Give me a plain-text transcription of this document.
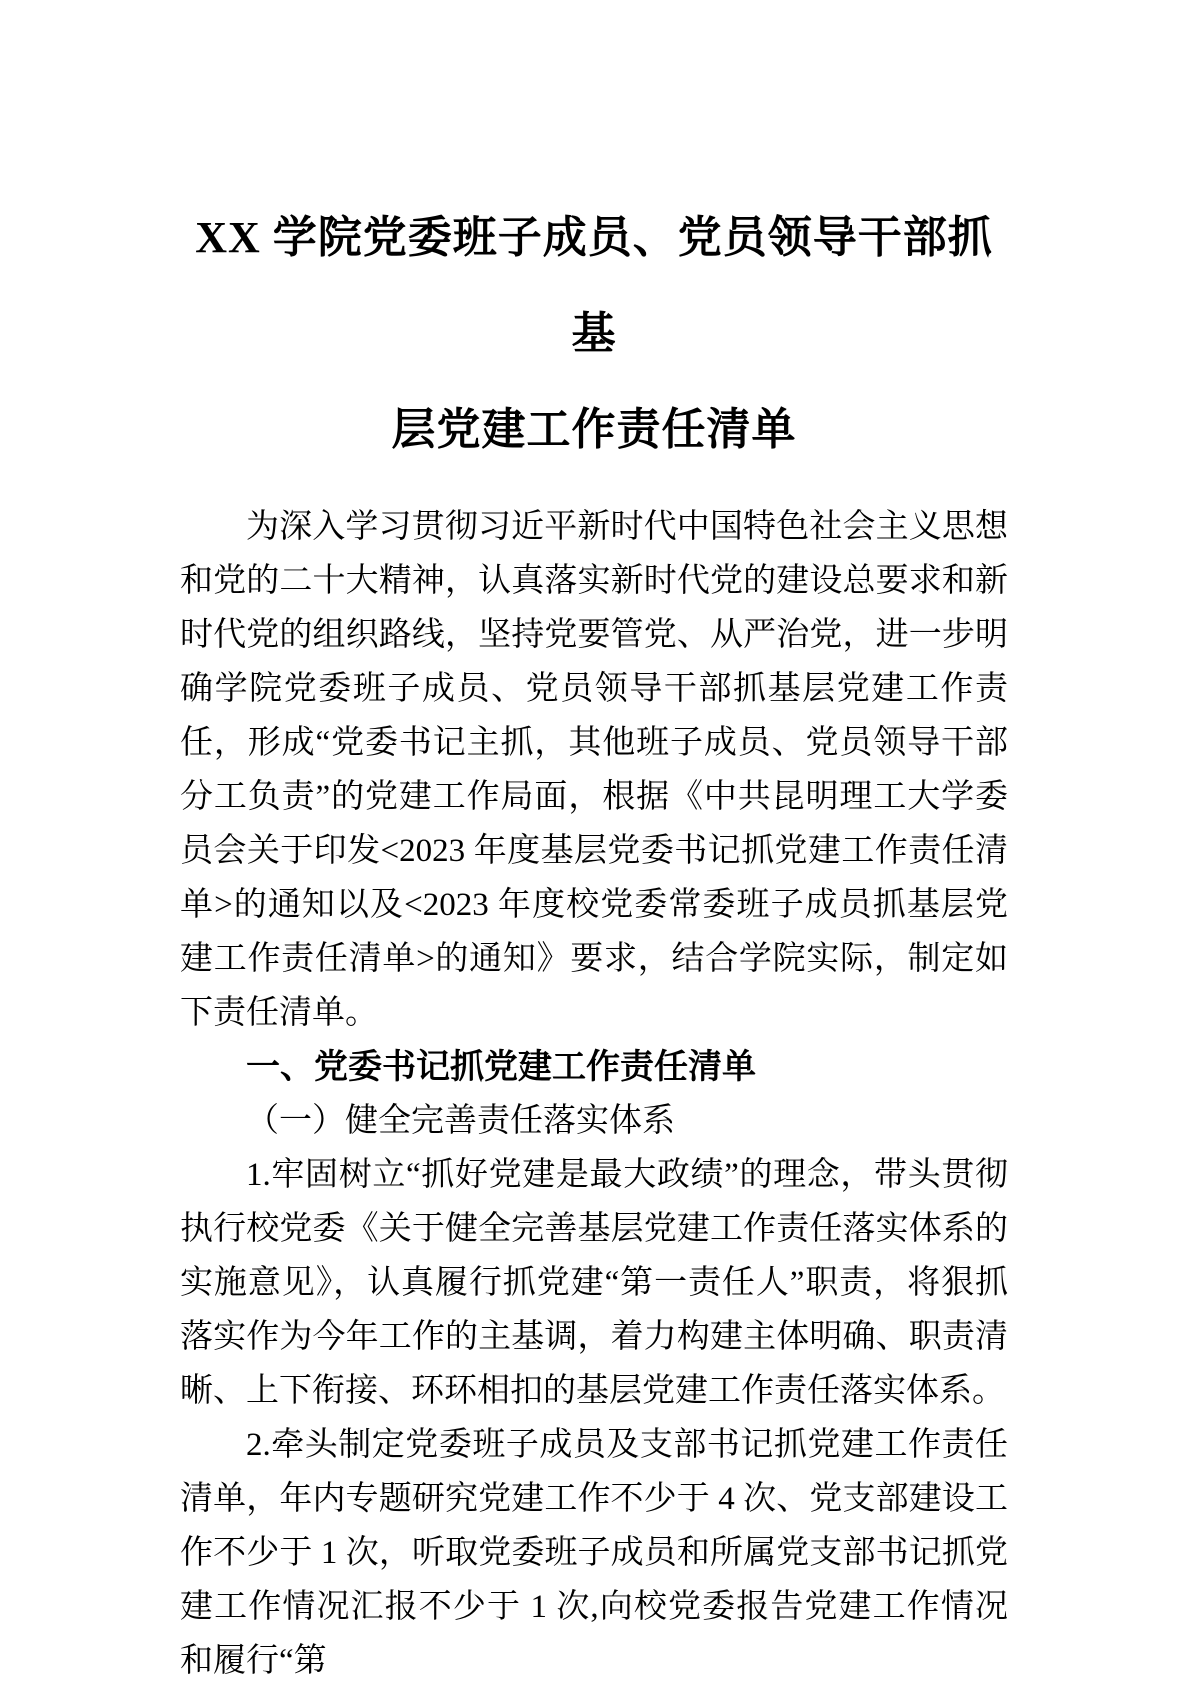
XX 学院党委班子成员、党员领导干部抓基
层党建工作责任清单

为深入学习贯彻习近平新时代中国特色社会主义思想和党的二十大精神，认真落实新时代党的建设总要求和新时代党的组织路线，坚持党要管党、从严治党，进一步明确学院党委班子成员、党员领导干部抓基层党建工作责任，形成“党委书记主抓，其他班子成员、党员领导干部分工负责”的党建工作局面，根据《中共昆明理工大学委员会关于印发<2023 年度基层党委书记抓党建工作责任清单>的通知以及<2023 年度校党委常委班子成员抓基层党建工作责任清单>的通知》要求，结合学院实际，制定如下责任清单。

一、党委书记抓党建工作责任清单

（一）健全完善责任落实体系

1.牢固树立“抓好党建是最大政绩”的理念，带头贯彻执行校党委《关于健全完善基层党建工作责任落实体系的实施意见》，认真履行抓党建“第一责任人”职责，将狠抓落实作为今年工作的主基调，着力构建主体明确、职责清晰、上下衔接、环环相扣的基层党建工作责任落实体系。

2.牵头制定党委班子成员及支部书记抓党建工作责任清单，年内专题研究党建工作不少于 4 次、党支部建设工作不少于 1 次，听取党委班子成员和所属党支部书记抓党建工作情况汇报不少于 1 次,向校党委报告党建工作情况和履行“第
